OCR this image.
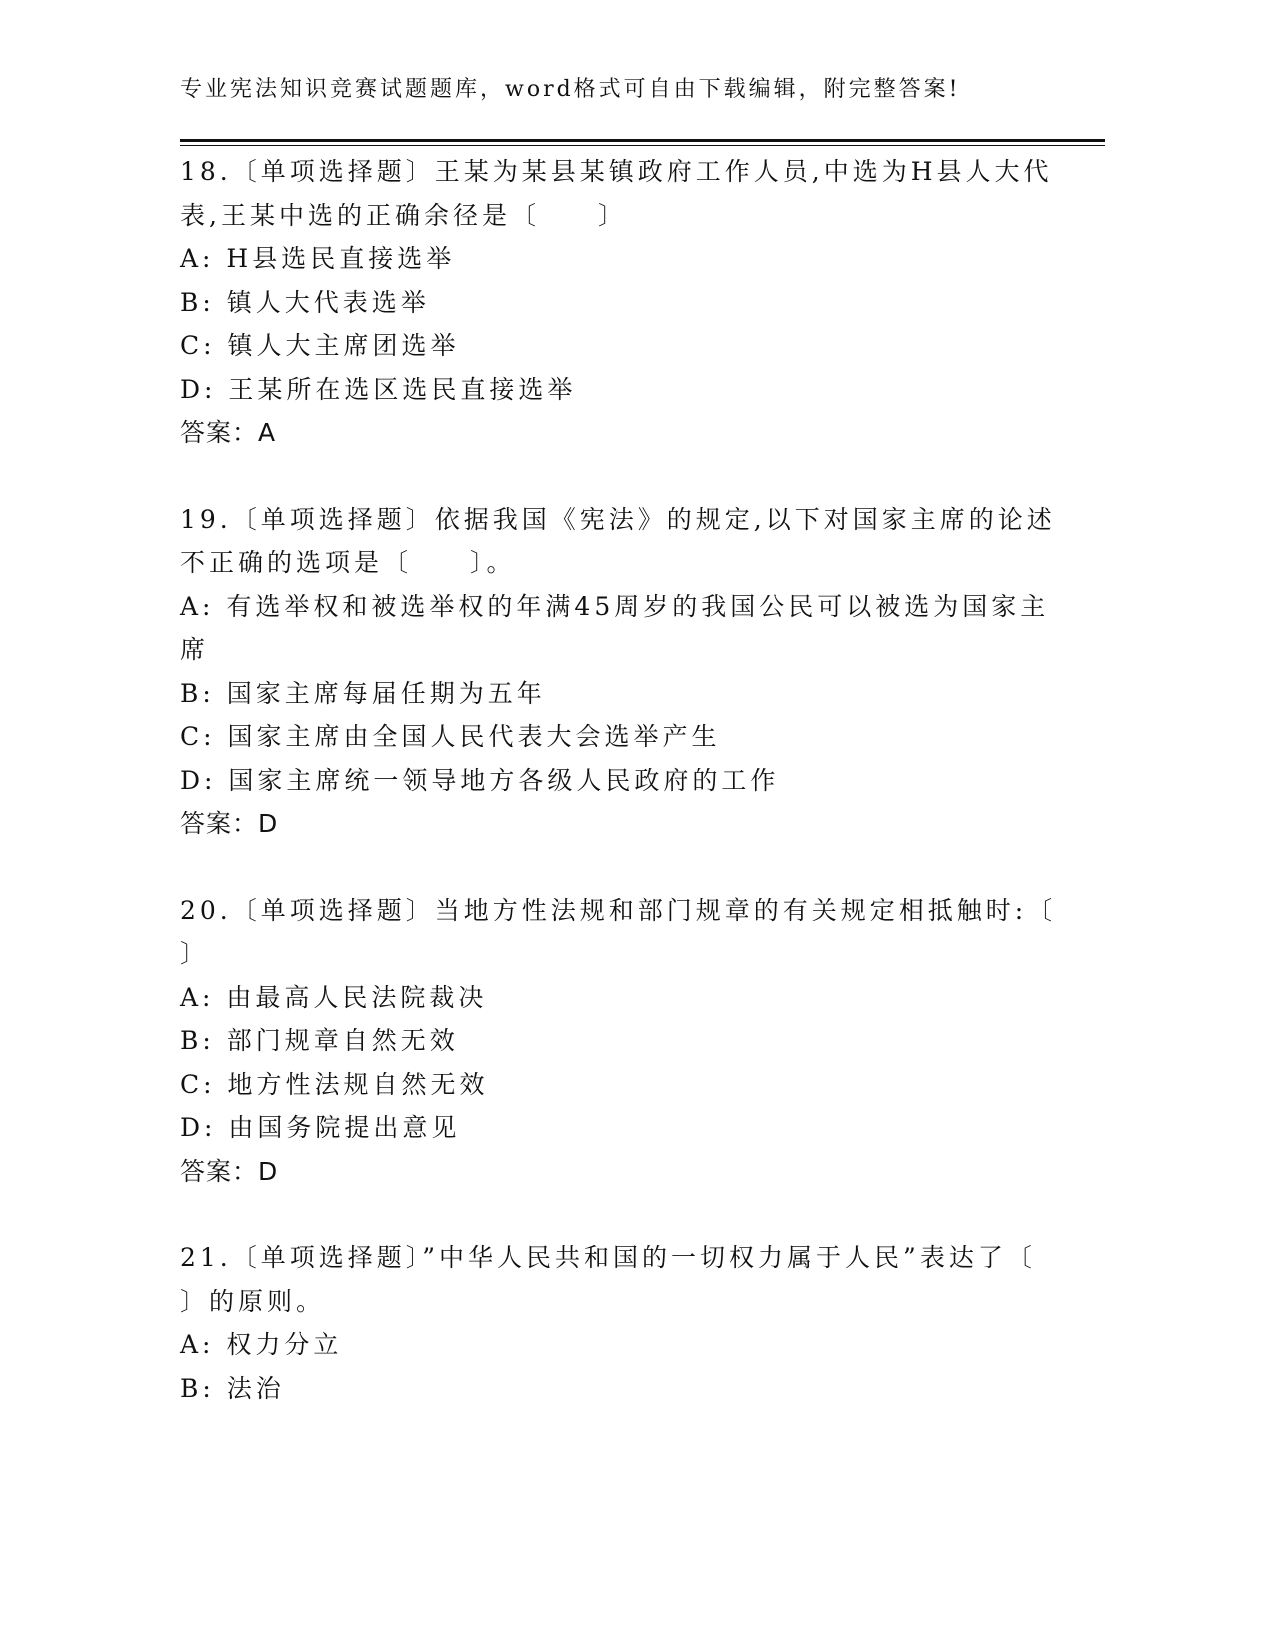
专业宪法知识竞赛试题题库，word格式可自由下载编辑，附完整答案!
18.〔单项选择题〕王某为某县某镇政府工作人员,中选为H县人大代
表,王某中选的正确余径是〔　　〕
A: H县选民直接选举
B: 镇人大代表选举
C: 镇人大主席团选举
D: 王某所在选区选民直接选举
答案：A
19.〔单项选择题〕依据我国《宪法》的规定,以下对国家主席的论述
不正确的选项是〔　　〕。
A: 有选举权和被选举权的年满45周岁的我国公民可以被选为国家主
席
B: 国家主席每届任期为五年
C: 国家主席由全国人民代表大会选举产生
D: 国家主席统一领导地方各级人民政府的工作
答案：D
20.〔单项选择题〕当地方性法规和部门规章的有关规定相抵触时:〔
〕
A: 由最高人民法院裁决
B: 部门规章自然无效
C: 地方性法规自然无效
D: 由国务院提出意见
答案：D
21.〔单项选择题〕”中华人民共和国的一切权力属于人民”表达了〔
〕的原则。
A: 权力分立
B: 法治
